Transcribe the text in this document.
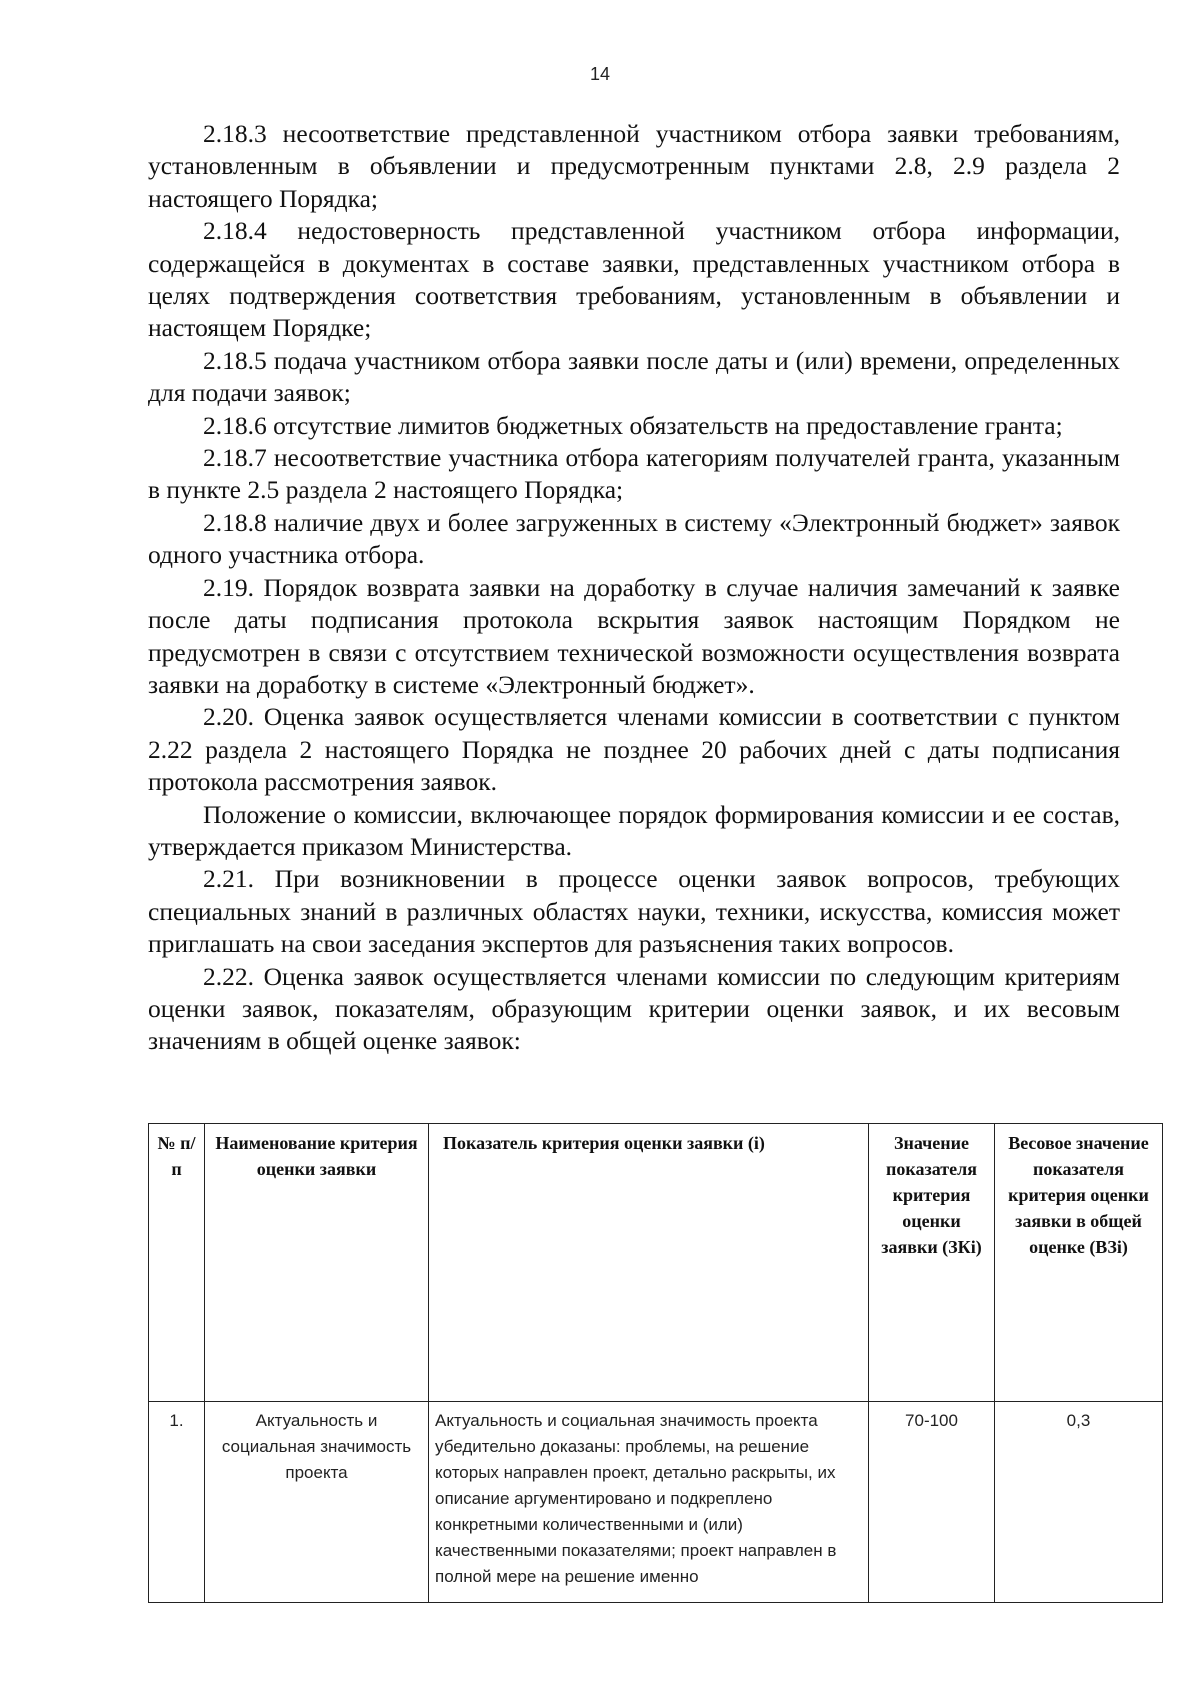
14

2.18.3 несоответствие представленной участником отбора заявки требованиям, установленным в объявлении и предусмотренным пунктами 2.8, 2.9 раздела 2 настоящего Порядка;

2.18.4 недостоверность представленной участником отбора информации, содержащейся в документах в составе заявки, представленных участником отбора в целях подтверждения соответствия требованиям, установленным в объявлении и настоящем Порядке;

2.18.5 подача участником отбора заявки после даты и (или) времени, определенных для подачи заявок;

2.18.6 отсутствие лимитов бюджетных обязательств на предоставление гранта;

2.18.7 несоответствие участника отбора категориям получателей гранта, указанным в пункте 2.5 раздела 2 настоящего Порядка;

2.18.8 наличие двух и более загруженных в систему «Электронный бюджет» заявок одного участника отбора.

2.19. Порядок возврата заявки на доработку в случае наличия замечаний к заявке после даты подписания протокола вскрытия заявок настоящим Порядком не предусмотрен в связи с отсутствием технической возможности осуществления возврата заявки на доработку в системе «Электронный бюджет».

2.20. Оценка заявок осуществляется членами комиссии в соответствии с пунктом 2.22 раздела 2 настоящего Порядка не позднее 20 рабочих дней с даты подписания протокола рассмотрения заявок.

Положение о комиссии, включающее порядок формирования комиссии и ее состав, утверждается приказом Министерства.

2.21. При возникновении в процессе оценки заявок вопросов, требующих специальных знаний в различных областях науки, техники, искусства, комиссия может приглашать на свои заседания экспертов для разъяснения таких вопросов.

2.22. Оценка заявок осуществляется членами комиссии по следующим критериям оценки заявок, показателям, образующим критерии оценки заявок, и их весовым значениям в общей оценке заявок:

№ п/п	Наименование критерия оценки заявки	Показатель критерия оценки заявки (i)	Значение показателя критерия оценки заявки (ЗКi)	Весовое значение показателя критерия оценки заявки в общей оценке (ВЗi)
1.	Актуальность и социальная значимость проекта	Актуальность и социальная значимость проекта убедительно доказаны: проблемы, на решение которых направлен проект, детально раскрыты, их описание аргументировано и подкреплено конкретными количественными и (или) качественными показателями; проект направлен в полной мере на решение именно	70-100	0,3
